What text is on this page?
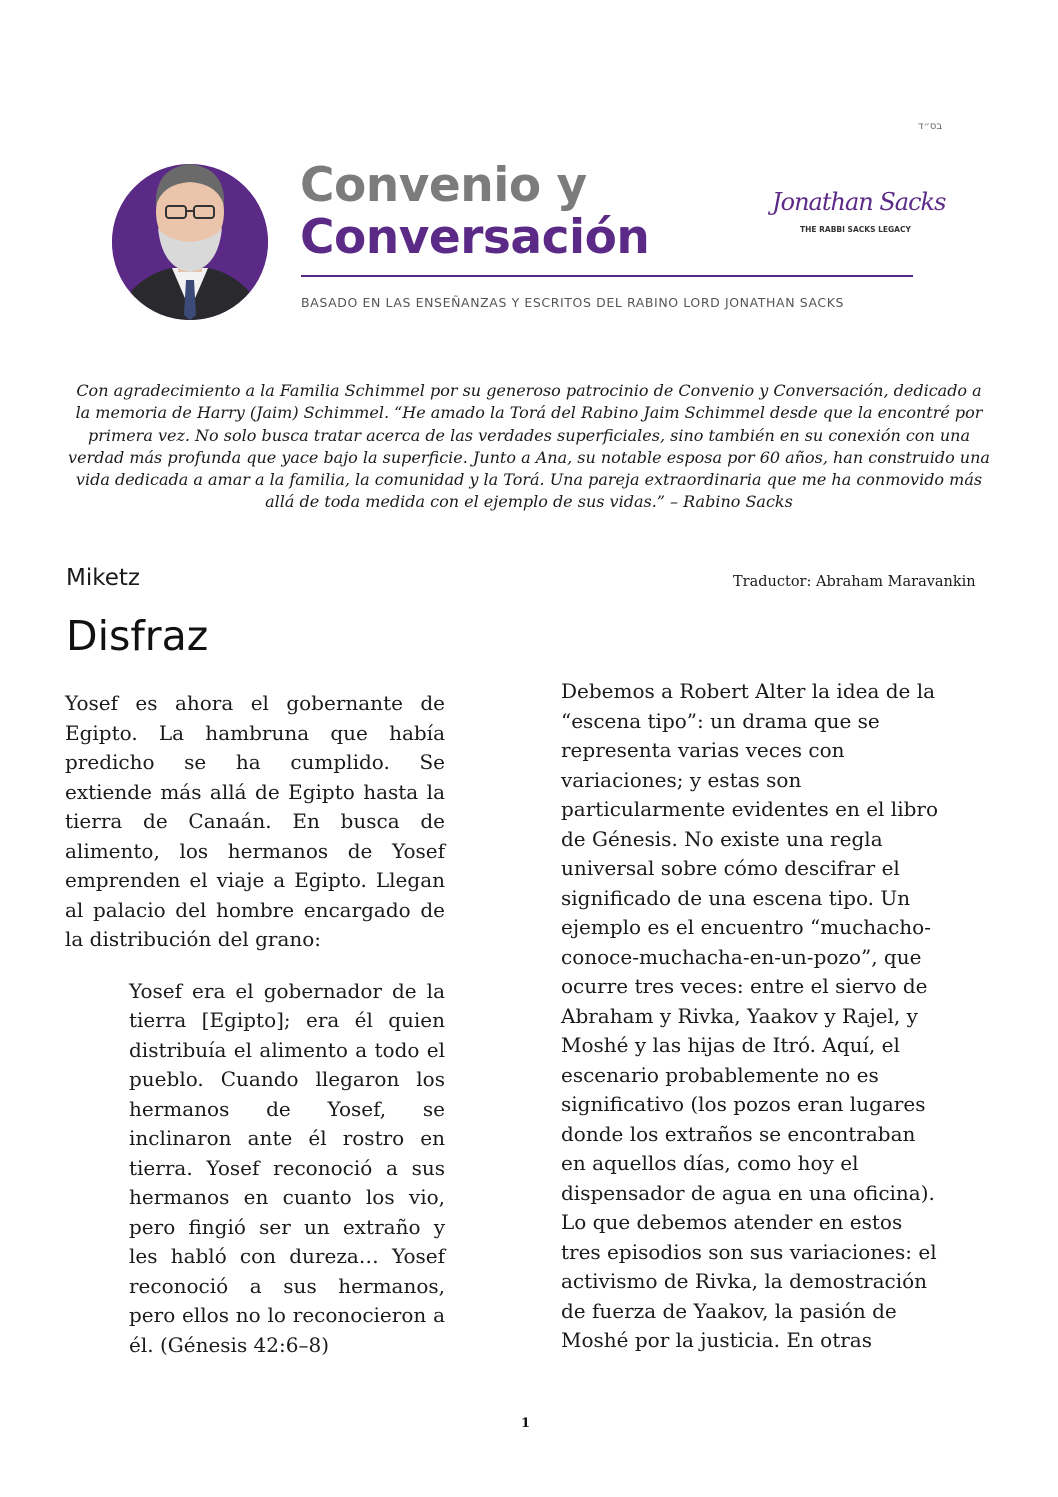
בס״ד
Convenio y
Conversación
Jonathan Sacks
THE RABBI SACKS LEGACY
BASADO EN LAS ENSEÑANZAS Y ESCRITOS DEL RABINO LORD JONATHAN SACKS
Con agradecimiento a la Familia Schimmel por su generoso patrocinio de Convenio y Conversación, dedicado a la memoria de Harry (Jaim) Schimmel. “He amado la Torá del Rabino Jaim Schimmel desde que la encontré por primera vez. No solo busca tratar acerca de las verdades superficiales, sino también en su conexión con una verdad más profunda que yace bajo la superficie. Junto a Ana, su notable esposa por 60 años, han construido una vida dedicada a amar a la familia, la comunidad y la Torá. Una pareja extraordinaria que me ha conmovido más allá de toda medida con el ejemplo de sus vidas.” – Rabino Sacks
Miketz	Traductor: Abraham Maravankin
Disfraz

Yosef es ahora el gobernante de Egipto. La hambruna que había predicho se ha cumplido. Se extiende más allá de Egipto hasta la tierra de Canaán. En busca de alimento, los hermanos de Yosef emprenden el viaje a Egipto. Llegan al palacio del hombre encargado de la distribución del grano:

Yosef era el gobernador de la tierra [Egipto]; era él quien distribuía el alimento a todo el pueblo. Cuando llegaron los hermanos de Yosef, se inclinaron ante él rostro en tierra. Yosef reconoció a sus hermanos en cuanto los vio, pero fingió ser un extraño y les habló con dureza… Yosef reconoció a sus hermanos, pero ellos no lo reconocieron a él. (Génesis 42:6–8)

Debemos a Robert Alter la idea de la “escena tipo”: un drama que se representa varias veces con variaciones; y estas son particularmente evidentes en el libro de Génesis. No existe una regla universal sobre cómo descifrar el significado de una escena tipo. Un ejemplo es el encuentro “muchacho-conoce-muchacha-en-un-pozo”, que ocurre tres veces: entre el siervo de Abraham y Rivka, Yaakov y Rajel, y Moshé y las hijas de Itró. Aquí, el escenario probablemente no es significativo (los pozos eran lugares donde los extraños se encontraban en aquellos días, como hoy el dispensador de agua en una oficina). Lo que debemos atender en estos tres episodios son sus variaciones: el activismo de Rivka, la demostración de fuerza de Yaakov, la pasión de Moshé por la justicia. En otras

1
